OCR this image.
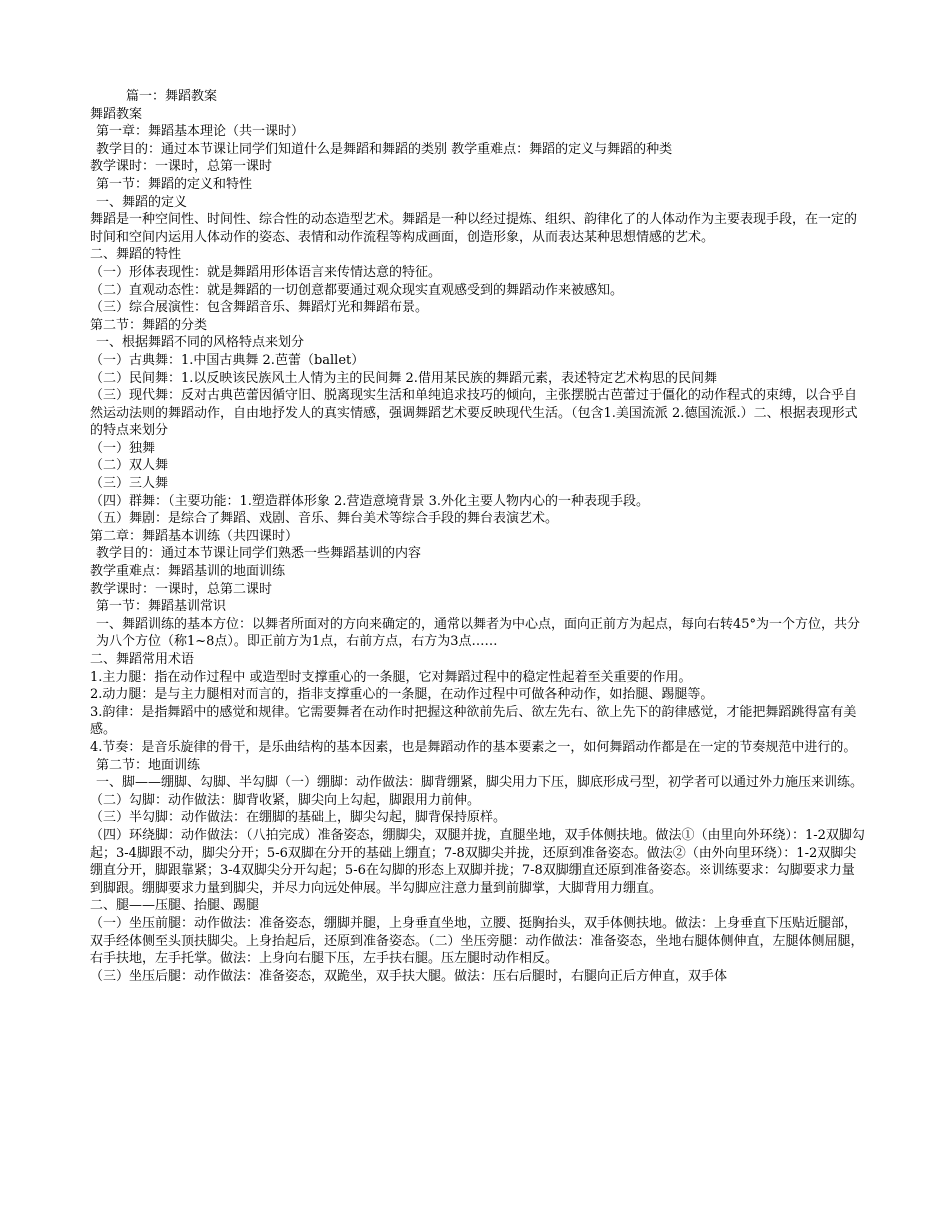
篇一：舞蹈教案

舞蹈教案

第一章：舞蹈基本理论（共一课时）

教学目的：通过本节课让同学们知道什么是舞蹈和舞蹈的类别 教学重难点：舞蹈的定义与舞蹈的种类

教学课时：一课时，总第一课时

第一节：舞蹈的定义和特性

一、舞蹈的定义

舞蹈是一种空间性、时间性、综合性的动态造型艺术。舞蹈是一种以经过提炼、组织、韵律化了的人体动作为主要表现手段，在一定的时间和空间内运用人体动作的姿态、表情和动作流程等构成画面，创造形象，从而表达某种思想情感的艺术。

二、舞蹈的特性

（一）形体表现性：就是舞蹈用形体语言来传情达意的特征。

（二）直观动态性：就是舞蹈的一切创意都要通过观众现实直观感受到的舞蹈动作来被感知。

（三）综合展演性：包含舞蹈音乐、舞蹈灯光和舞蹈布景。

第二节：舞蹈的分类

一、根据舞蹈不同的风格特点来划分

（一）古典舞：1.中国古典舞 2.芭蕾（ballet）

（二）民间舞：1.以反映该民族风土人情为主的民间舞 2.借用某民族的舞蹈元素，表述特定艺术构思的民间舞

（三）现代舞：反对古典芭蕾因循守旧、脱离现实生活和单纯追求技巧的倾向，主张摆脱古芭蕾过于僵化的动作程式的束缚，以合乎自然运动法则的舞蹈动作，自由地抒发人的真实情感，强调舞蹈艺术要反映现代生活。（包含1.美国流派 2.德国流派.）二、根据表现形式的特点来划分

（一）独舞

（二）双人舞

（三）三人舞

（四）群舞：（主要功能：1.塑造群体形象 2.营造意境背景 3.外化主要人物内心的一种表现手段。

（五）舞剧：是综合了舞蹈、戏剧、音乐、舞台美术等综合手段的舞台表演艺术。

第二章：舞蹈基本训练（共四课时）

教学目的：通过本节课让同学们熟悉一些舞蹈基训的内容

教学重难点：舞蹈基训的地面训练

教学课时：一课时，总第二课时

第一节：舞蹈基训常识

一、舞蹈训练的基本方位：以舞者所面对的方向来确定的，通常以舞者为中心点，面向正前方为起点，每向右转45°为一个方位，共分为八个方位（称1~8点）。即正前方为1点，右前方点，右方为3点……

二、舞蹈常用术语

1.主力腿：指在动作过程中 或造型时支撑重心的一条腿，它对舞蹈过程中的稳定性起着至关重要的作用。

2.动力腿：是与主力腿相对而言的，指非支撑重心的一条腿，在动作过程中可做各种动作，如抬腿、踢腿等。

3.韵律：是指舞蹈中的感觉和规律。它需要舞者在动作时把握这种欲前先后、欲左先右、欲上先下的韵律感觉，才能把舞蹈跳得富有美感。

4.节奏：是音乐旋律的骨干，是乐曲结构的基本因素，也是舞蹈动作的基本要素之一，如何舞蹈动作都是在一定的节奏规范中进行的。

第二节：地面训练

一、脚——绷脚、勾脚、半勾脚（一）绷脚：动作做法：脚背绷紧，脚尖用力下压，脚底形成弓型，初学者可以通过外力施压来训练。

（二）勾脚：动作做法：脚背收紧，脚尖向上勾起，脚跟用力前伸。

（三）半勾脚：动作做法：在绷脚的基础上，脚尖勾起，脚背保持原样。

（四）环绕脚：动作做法：（八拍完成）准备姿态，绷脚尖，双腿并拢，直腿坐地，双手体侧扶地。做法①（由里向外环绕）：1-2双脚勾起；3-4脚跟不动，脚尖分开；5-6双脚在分开的基础上绷直；7-8双脚尖并拢，还原到准备姿态。做法②（由外向里环绕）：1-2双脚尖绷直分开，脚跟靠紧；3-4双脚尖分开勾起；5-6在勾脚的形态上双脚并拢；7-8双脚绷直还原到准备姿态。※训练要求：勾脚要求力量到脚跟。绷脚要求力量到脚尖，并尽力向远处伸展。半勾脚应注意力量到前脚掌，大脚背用力绷直。

二、腿——压腿、抬腿、踢腿

（一）坐压前腿：动作做法：准备姿态，绷脚并腿，上身垂直坐地，立腰、挺胸抬头，双手体侧扶地。做法：上身垂直下压贴近腿部，双手经体侧至头顶扶脚尖。上身抬起后，还原到准备姿态。（二）坐压旁腿：动作做法：准备姿态，坐地右腿体侧伸直，左腿体侧屈腿，右手扶地，左手托掌。做法：上身向右腿下压，左手扶右腿。压左腿时动作相反。

（三）坐压后腿：动作做法：准备姿态，双跪坐，双手扶大腿。做法：压右后腿时，右腿向正后方伸直，双手体
